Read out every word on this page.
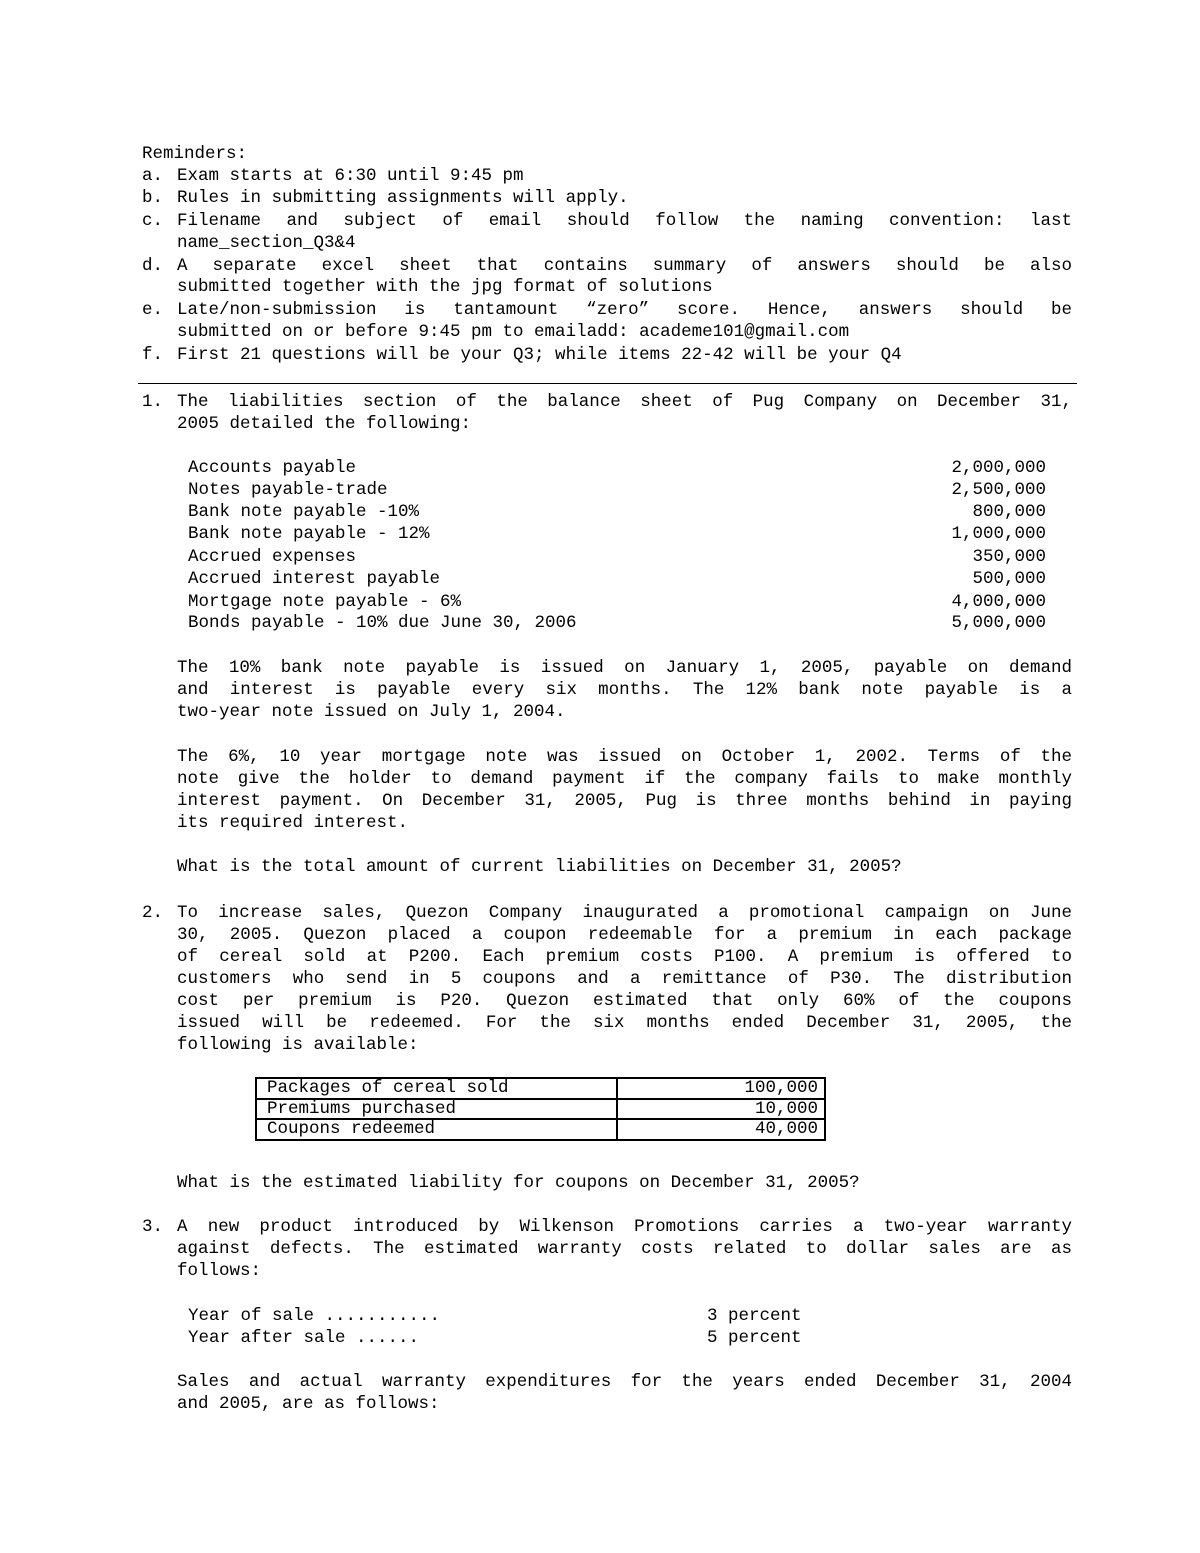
Reminders:
a. Exam starts at 6:30 until 9:45 pm
b. Rules in submitting assignments will apply.
c. Filename and subject of email should follow the naming convention: last
name_section_Q3&4
d. A separate excel sheet that contains summary of answers should be also
submitted together with the jpg format of solutions
e. Late/non-submission is tantamount “zero” score. Hence, answers should be
submitted on or before 9:45 pm to emailadd: academe101@gmail.com
f. First 21 questions will be your Q3; while items 22-42 will be your Q4
1. The liabilities section of the balance sheet of Pug Company on December 31,
2005 detailed the following:
Accounts payable	2,000,000
Notes payable-trade	2,500,000
Bank note payable -10%	800,000
Bank note payable - 12%	1,000,000
Accrued expenses	350,000
Accrued interest payable	500,000
Mortgage note payable - 6%	4,000,000
Bonds payable - 10% due June 30, 2006	5,000,000
The 10% bank note payable is issued on January 1, 2005, payable on demand
and interest is payable every six months. The 12% bank note payable is a
two-year note issued on July 1, 2004.
The 6%, 10 year mortgage note was issued on October 1, 2002. Terms of the
note give the holder to demand payment if the company fails to make monthly
interest payment. On December 31, 2005, Pug is three months behind in paying
its required interest.
What is the total amount of current liabilities on December 31, 2005?
2. To increase sales, Quezon Company inaugurated a promotional campaign on June
30, 2005. Quezon placed a coupon redeemable for a premium in each package
of cereal sold at P200. Each premium costs P100. A premium is offered to
customers who send in 5 coupons and a remittance of P30. The distribution
cost per premium is P20. Quezon estimated that only 60% of the coupons
issued will be redeemed. For the six months ended December 31, 2005, the
following is available:
Packages of cereal sold	100,000
Premiums purchased	10,000
Coupons redeemed	40,000
What is the estimated liability for coupons on December 31, 2005?
3. A new product introduced by Wilkenson Promotions carries a two-year warranty
against defects. The estimated warranty costs related to dollar sales are as
follows:
Year of sale ...........	3 percent
Year after sale ......	5 percent
Sales and actual warranty expenditures for the years ended December 31, 2004
and 2005, are as follows:
